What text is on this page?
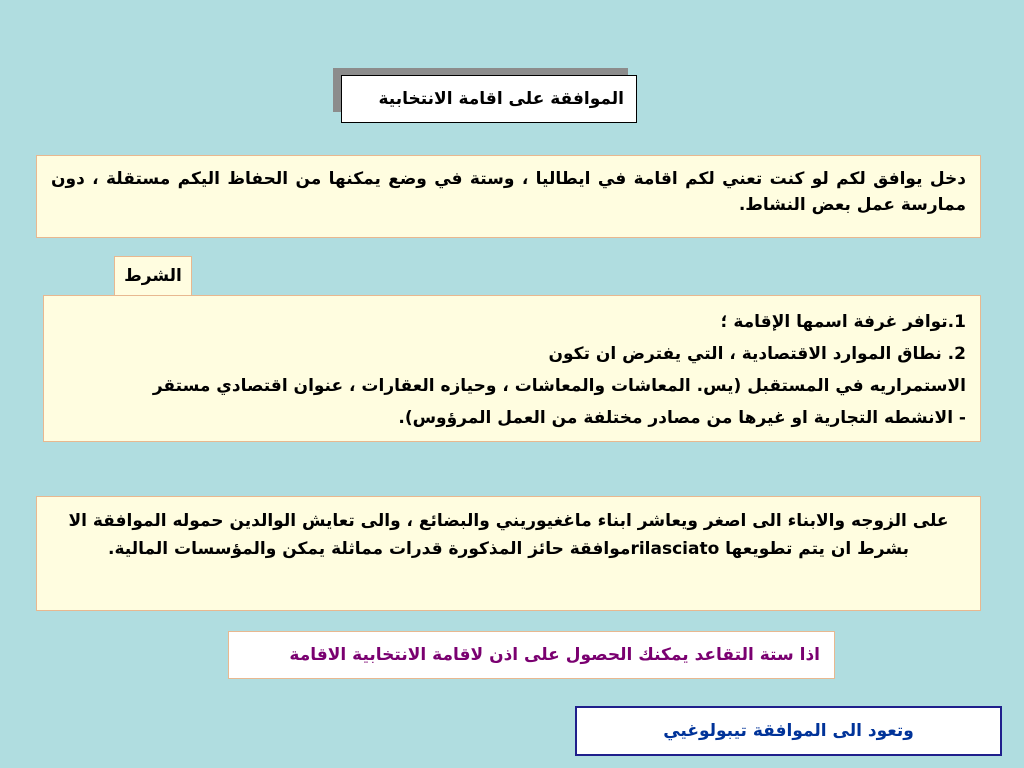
الموافقة على اقامة الانتخابية
دخل يوافق لكم لو كنت تعني لكم اقامة في ايطاليا ، وستة في وضع يمكنها من الحفاظ اليكم مستقلة ، دون ممارسة عمل بعض النشاط.
الشرط
1.توافر غرفة اسمها الإقامة ؛
2. نطاق الموارد الاقتصادية ، التي يفترض ان تكون
الاستمراريه في المستقبل (يس. المعاشات والمعاشات ، وحيازه العقارات ، عنوان اقتصادي مستقر
- الانشطه التجارية او غيرها من مصادر مختلفة من العمل المرؤوس).
على الزوجه والابناء الى اصغر ويعاشر ابناء ماغغيوريني والبضائع ، والى تعايش الوالدين حموله الموافقة الا بشرط ان يتم تطويعها rilasciatoموافقة حائز المذكورة قدرات مماثلة يمكن والمؤسسات المالية.
اذا ستة التقاعد يمكنك الحصول على اذن لاقامة الانتخابية الاقامة
وتعود الى الموافقة تيبولوغيي
